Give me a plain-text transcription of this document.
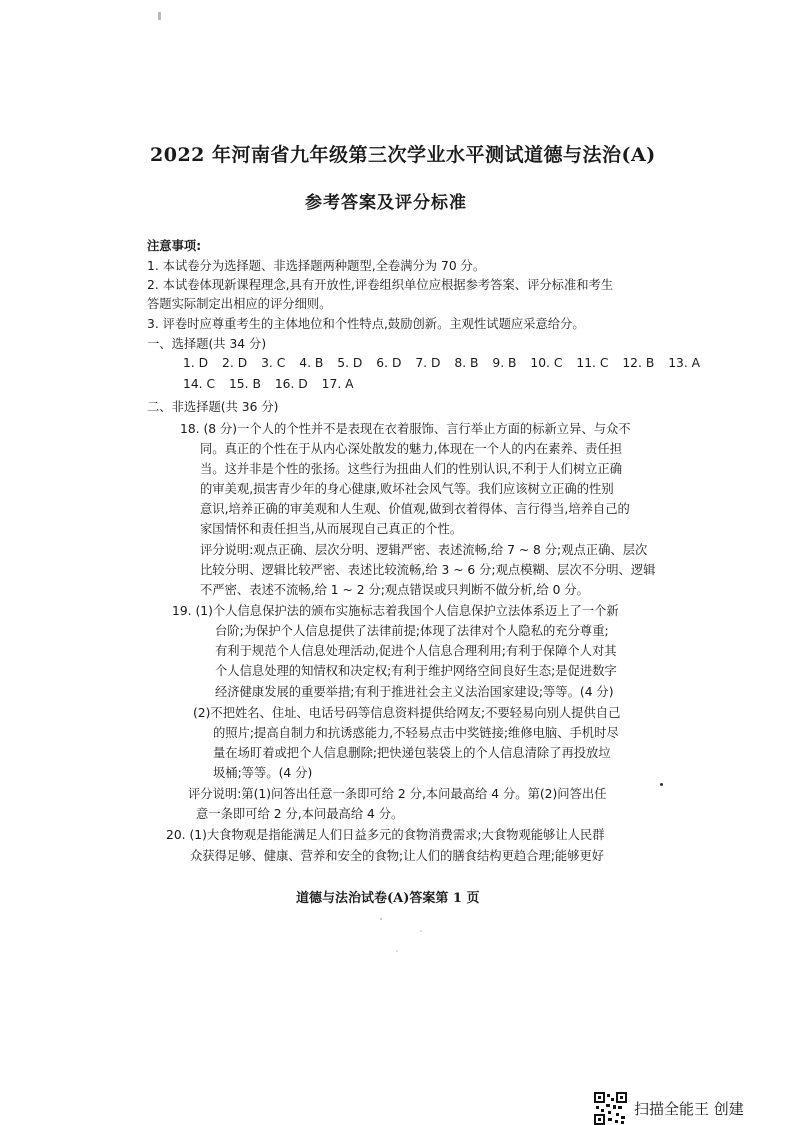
2022 年河南省九年级第三次学业水平测试道德与法治(A)
参考答案及评分标准
注意事项:
1. 本试卷分为选择题、非选择题两种题型,全卷满分为 70 分。
2. 本试卷体现新课程理念,具有开放性,评卷组织单位应根据参考答案、评分标准和考生
答题实际制定出相应的评分细则。
3. 评卷时应尊重考生的主体地位和个性特点,鼓励创新。主观性试题应采意给分。
一、选择题(共 34 分)
1. D 2. D 3. C 4. B 5. D 6. D 7. D 8. B 9. B 10. C 11. C 12. B 13. A
14. C 15. B 16. D 17. A
二、非选择题(共 36 分)
18. (8 分)一个人的个性并不是表现在衣着服饰、言行举止方面的标新立异、与众不
同。真正的个性在于从内心深处散发的魅力,体现在一个人的内在素养、责任担
当。这并非是个性的张扬。这些行为扭曲人们的性别认识,不利于人们树立正确
的审美观,损害青少年的身心健康,败坏社会风气等。我们应该树立正确的性别
意识,培养正确的审美观和人生观、价值观,做到衣着得体、言行得当,培养自己的
家国情怀和责任担当,从而展现自己真正的个性。
评分说明:观点正确、层次分明、逻辑严密、表述流畅,给 7 ~ 8 分;观点正确、层次
比较分明、逻辑比较严密、表述比较流畅,给 3 ~ 6 分;观点模糊、层次不分明、逻辑
不严密、表述不流畅,给 1 ~ 2 分;观点错误或只判断不做分析,给 0 分。
19. (1)个人信息保护法的颁布实施标志着我国个人信息保护立法体系迈上了一个新
台阶;为保护个人信息提供了法律前提;体现了法律对个人隐私的充分尊重;
有利于规范个人信息处理活动,促进个人信息合理利用;有利于保障个人对其
个人信息处理的知情权和决定权;有利于维护网络空间良好生态;是促进数字
经济健康发展的重要举措;有利于推进社会主义法治国家建设;等等。(4 分)
(2)不把姓名、住址、电话号码等信息资料提供给网友;不要轻易向别人提供自己
的照片;提高自制力和抗诱惑能力,不轻易点击中奖链接;维修电脑、手机时尽
量在场盯着或把个人信息删除;把快递包装袋上的个人信息清除了再投放垃
圾桶;等等。(4 分)
评分说明:第(1)问答出任意一条即可给 2 分,本问最高给 4 分。第(2)问答出任
意一条即可给 2 分,本问最高给 4 分。
20. (1)大食物观是指能满足人们日益多元的食物消费需求;大食物观能够让人民群
众获得足够、健康、营养和安全的食物;让人们的膳食结构更趋合理;能够更好
道德与法治试卷(A)答案第 1 页
扫描全能王 创建
